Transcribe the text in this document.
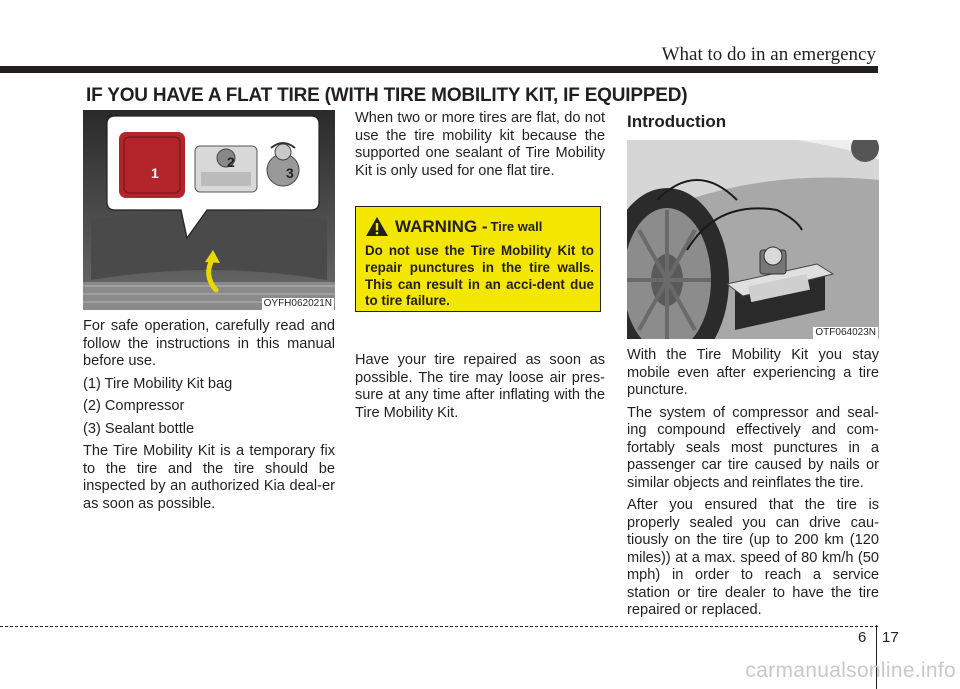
What to do in an emergency
IF YOU HAVE A FLAT TIRE (WITH TIRE MOBILITY KIT, IF EQUIPPED)
1
2
3
OYFH062021N

For safe operation, carefully read and follow the instructions in this manual before use.

(1) Tire Mobility Kit bag

(2) Compressor

(3) Sealant bottle

The Tire Mobility Kit is a temporary fix to the tire and the tire should be inspected by an authorized Kia deal-er as soon as possible.

When two or more tires are flat, do not use the tire mobility kit because the supported one sealant of Tire Mobility Kit is only used for one flat tire.

WARNING - Tire wall

Do not use the Tire Mobility Kit to repair punctures in the tire walls. This can result in an acci-dent due to tire failure.

Have your tire repaired as soon as possible. The tire may loose air pres-sure at any time after inflating with the Tire Mobility Kit.

Introduction
OTF064023N

With the Tire Mobility Kit you stay mobile even after experiencing a tire puncture.

The system of compressor and seal-ing compound effectively and com-fortably seals most punctures in a passenger car tire caused by nails or similar objects and reinflates the tire.

After you ensured that the tire is properly sealed you can drive cau-tiously on the tire (up to 200 km (120 miles)) at a max. speed of 80 km/h (50 mph) in order to reach a service station or tire dealer to have the tire repaired or replaced.

6 17
carmanualsonline.info
